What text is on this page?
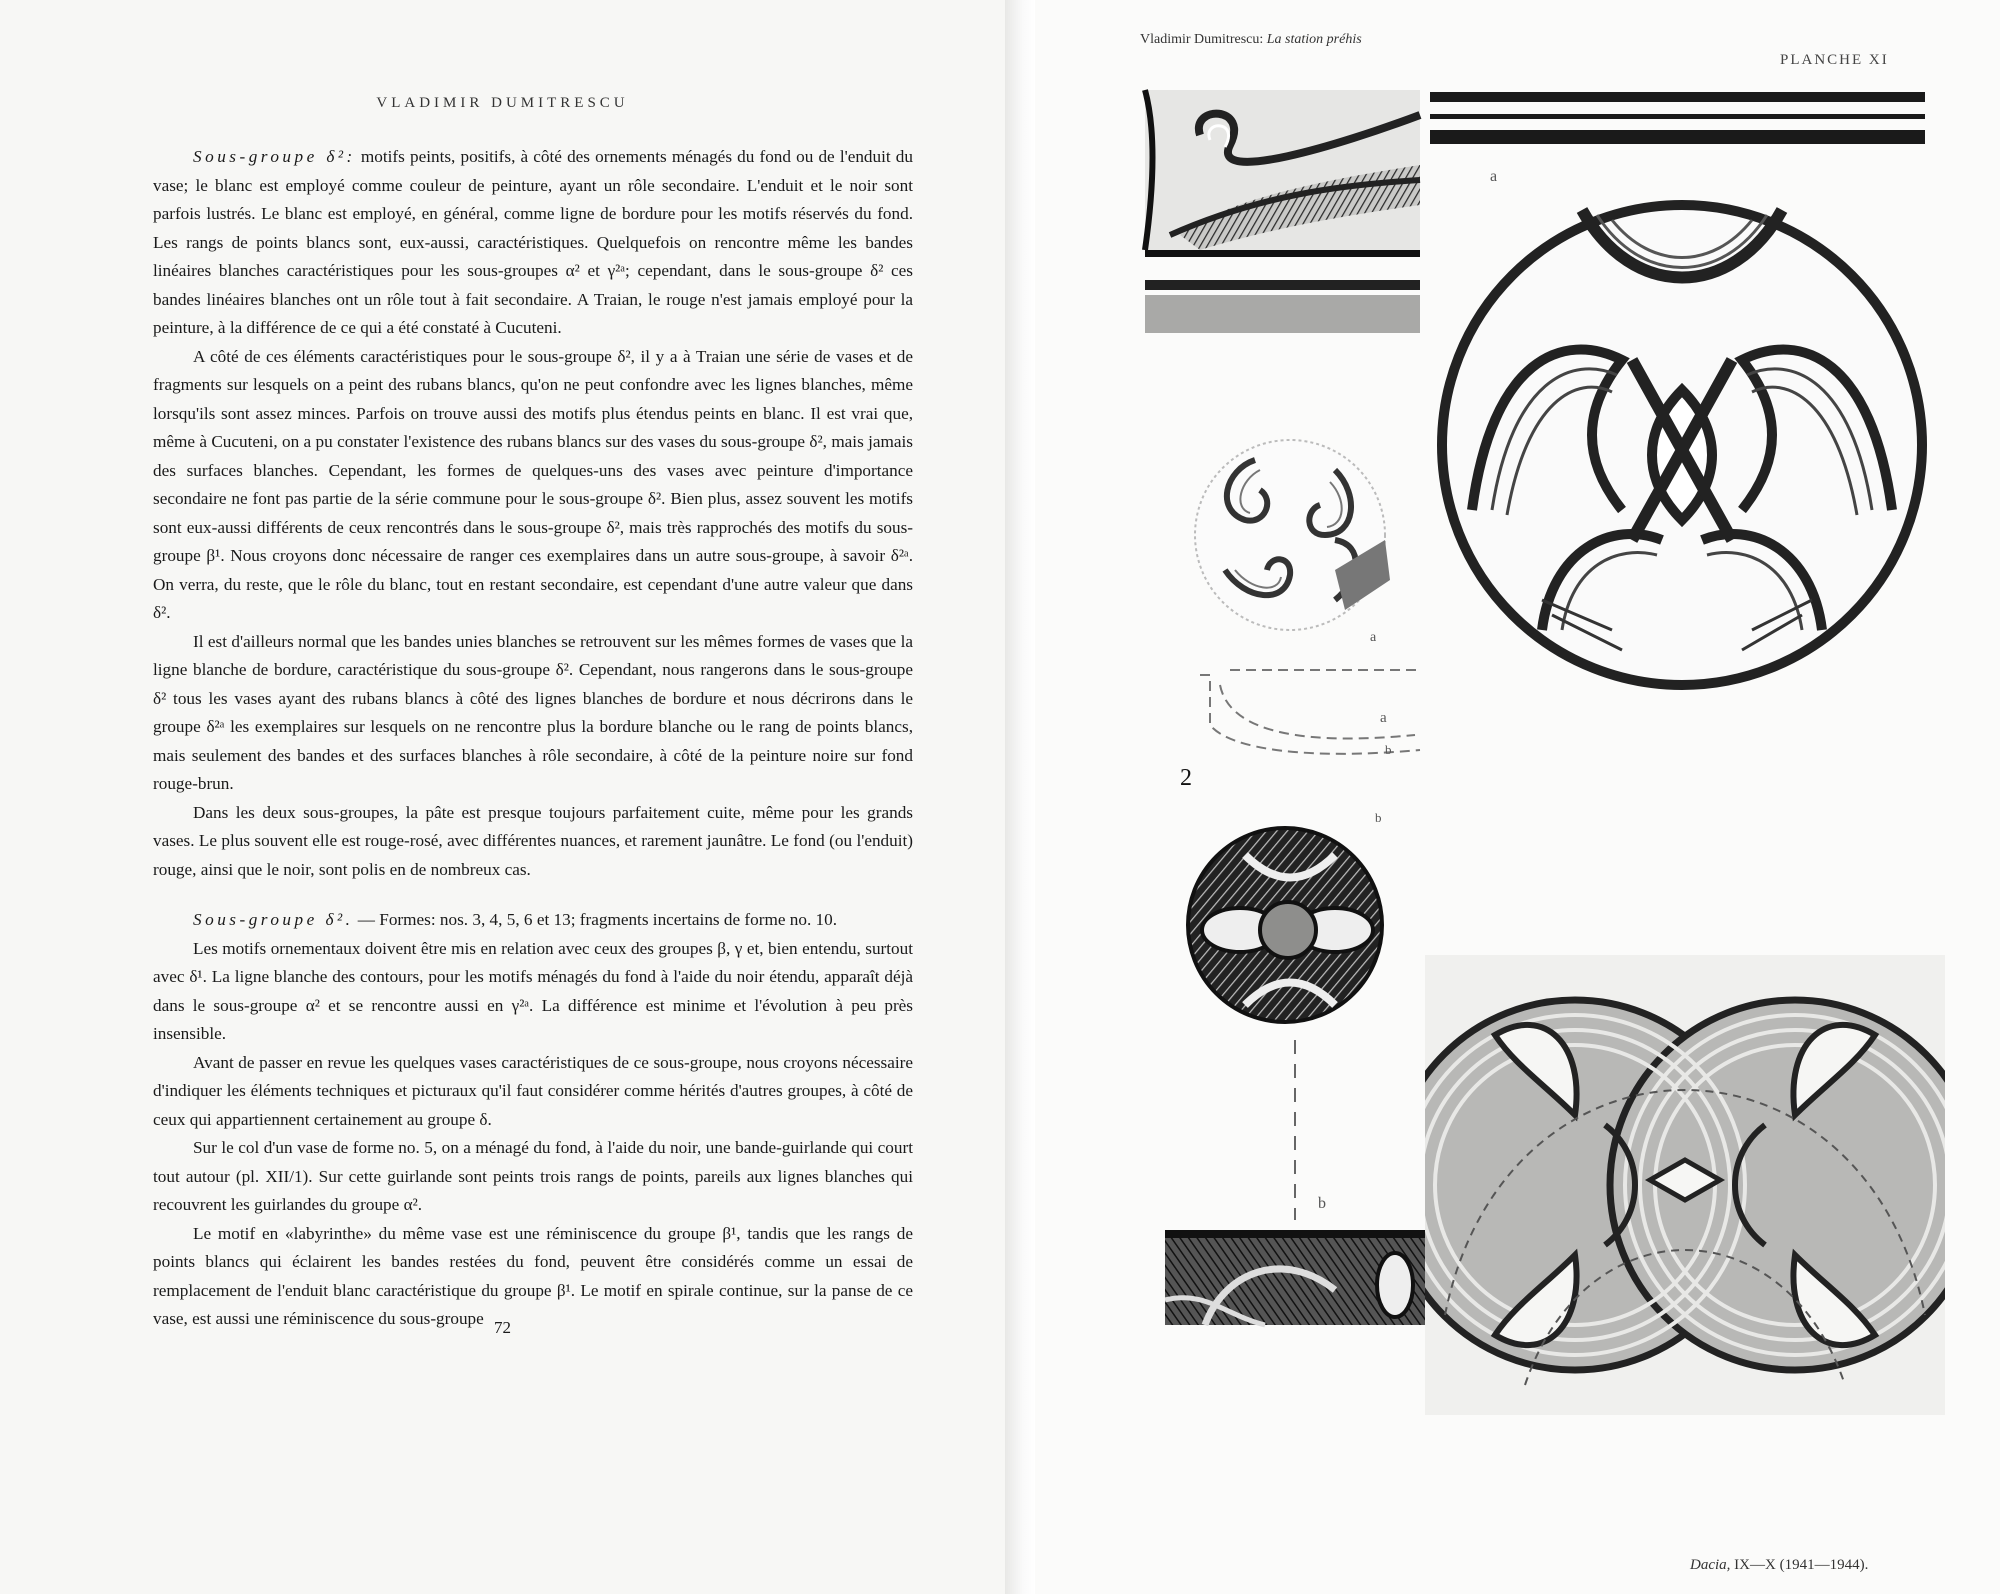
VLADIMIR DUMITRESCU

Sous-groupe δ²: motifs peints, positifs, à côté des ornements ménagés du fond ou de l'enduit du vase; le blanc est employé comme couleur de peinture, ayant un rôle secondaire. L'enduit et le noir sont parfois lustrés. Le blanc est employé, en général, comme ligne de bordure pour les motifs réservés du fond. Les rangs de points blancs sont, eux-aussi, caractéristiques. Quelquefois on rencontre même les bandes linéaires blanches caractéristiques pour les sous-groupes α² et γ²ᵃ; cependant, dans le sous-groupe δ² ces bandes linéaires blanches ont un rôle tout à fait secondaire. A Traian, le rouge n'est jamais employé pour la peinture, à la différence de ce qui a été constaté à Cucuteni.

A côté de ces éléments caractéristiques pour le sous-groupe δ², il y a à Traian une série de vases et de fragments sur lesquels on a peint des rubans blancs, qu'on ne peut confondre avec les lignes blanches, même lorsqu'ils sont assez minces. Parfois on trouve aussi des motifs plus étendus peints en blanc. Il est vrai que, même à Cucuteni, on a pu constater l'existence des rubans blancs sur des vases du sous-groupe δ², mais jamais des surfaces blanches. Cependant, les formes de quelques-uns des vases avec peinture d'importance secondaire ne font pas partie de la série commune pour le sous-groupe δ². Bien plus, assez souvent les motifs sont eux-aussi différents de ceux rencontrés dans le sous-groupe δ², mais très rapprochés des motifs du sous-groupe β¹. Nous croyons donc nécessaire de ranger ces exemplaires dans un autre sous-groupe, à savoir δ²ᵃ. On verra, du reste, que le rôle du blanc, tout en restant secondaire, est cependant d'une autre valeur que dans δ².

Il est d'ailleurs normal que les bandes unies blanches se retrouvent sur les mêmes formes de vases que la ligne blanche de bordure, caractéristique du sous-groupe δ². Cependant, nous rangerons dans le sous-groupe δ² tous les vases ayant des rubans blancs à côté des lignes blanches de bordure et nous décrirons dans le groupe δ²ᵃ les exemplaires sur lesquels on ne rencontre plus la bordure blanche ou le rang de points blancs, mais seulement des bandes et des surfaces blanches à rôle secondaire, à côté de la peinture noire sur fond rouge-brun.

Dans les deux sous-groupes, la pâte est presque toujours parfaitement cuite, même pour les grands vases. Le plus souvent elle est rouge-rosé, avec différentes nuances, et rarement jaunâtre. Le fond (ou l'enduit) rouge, ainsi que le noir, sont polis en de nombreux cas.

Sous-groupe δ². — Formes: nos. 3, 4, 5, 6 et 13; fragments incertains de forme no. 10.

Les motifs ornementaux doivent être mis en relation avec ceux des groupes β, γ et, bien entendu, surtout avec δ¹. La ligne blanche des contours, pour les motifs ménagés du fond à l'aide du noir étendu, apparaît déjà dans le sous-groupe α² et se rencontre aussi en γ²ᵃ. La différence est minime et l'évolution à peu près insensible.

Avant de passer en revue les quelques vases caractéristiques de ce sous-groupe, nous croyons nécessaire d'indiquer les éléments techniques et picturaux qu'il faut considérer comme hérités d'autres groupes, à côté de ceux qui appartiennent certainement au groupe δ.

Sur le col d'un vase de forme no. 5, on a ménagé du fond, à l'aide du noir, une bande-guirlande qui court tout autour (pl. XII/1). Sur cette guirlande sont peints trois rangs de points, pareils aux lignes blanches qui recouvrent les guirlandes du groupe α².

Le motif en «labyrinthe» du même vase est une réminiscence du groupe β¹, tandis que les rangs de points blancs qui éclairent les bandes restées du fond, peuvent être considérés comme un essai de remplacement de l'enduit blanc caractéristique du groupe β¹. Le motif en spirale continue, sur la panse de ce vase, est aussi une réminiscence du sous-groupe 72
Vladimir Dumitrescu: La station préhis
PLANCHE XI
a
a
a
b
b
2
b
Dacia, IX—X (1941—1944).
